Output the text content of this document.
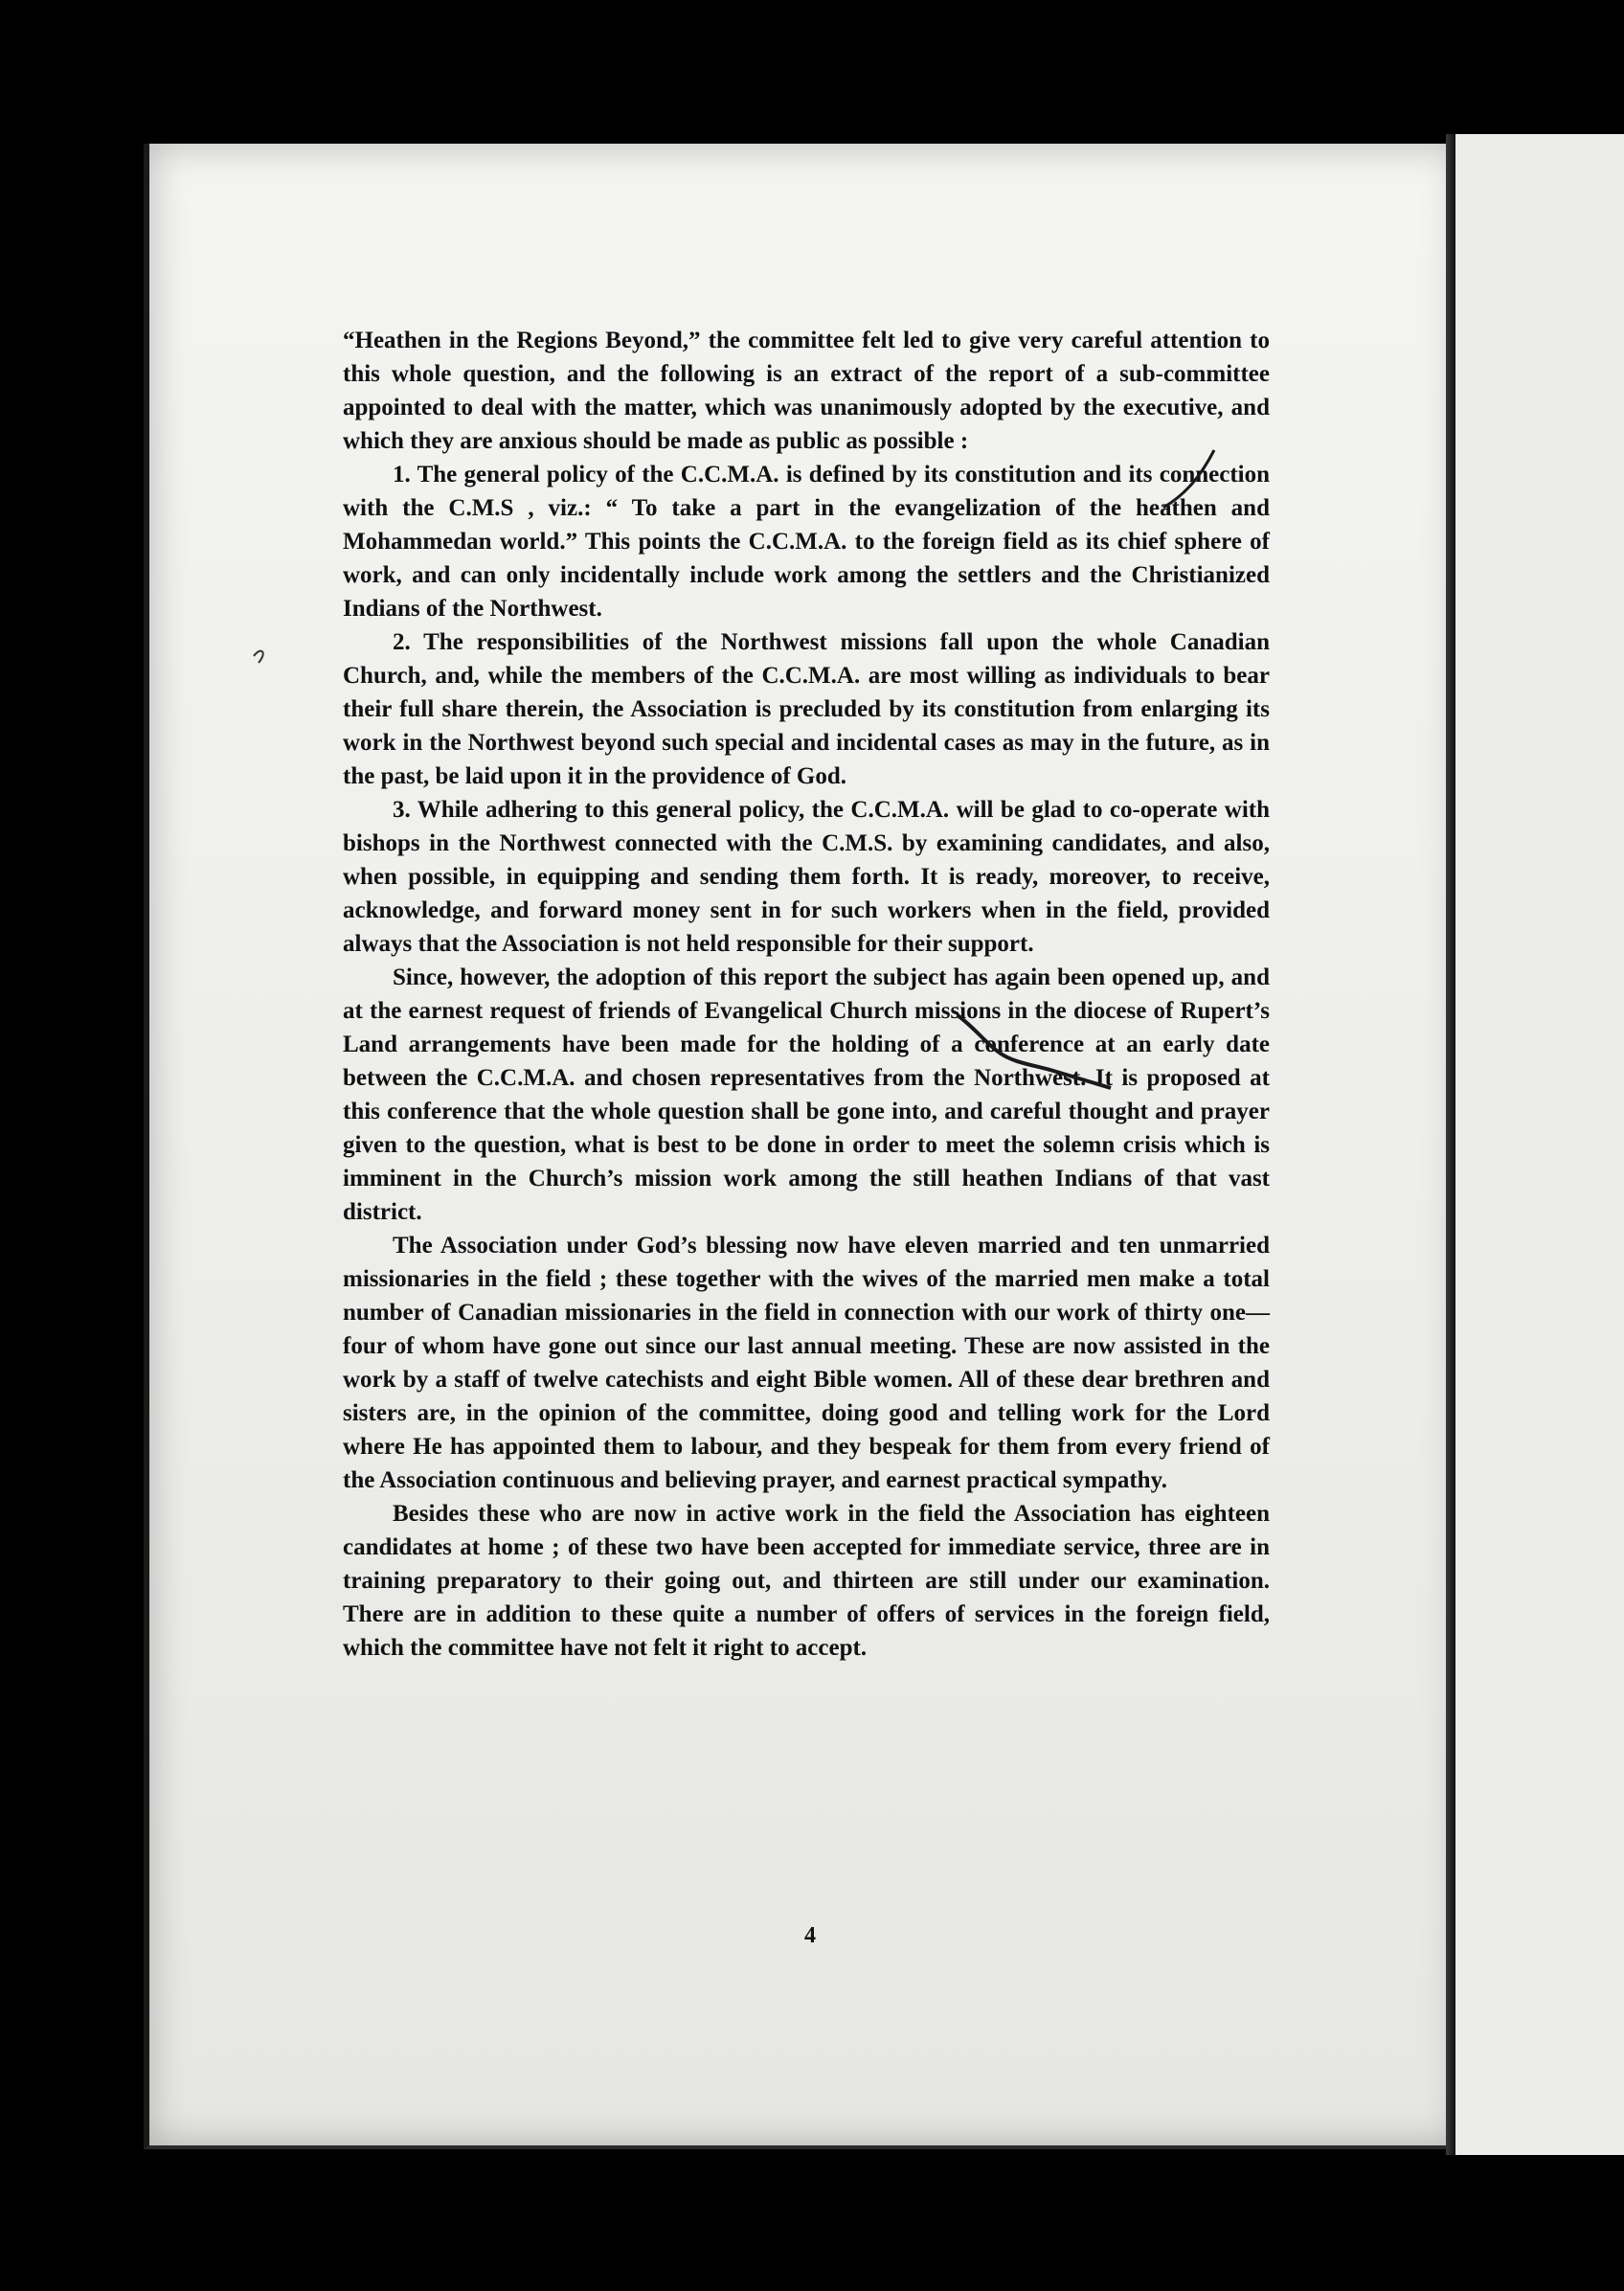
“Heathen in the Regions Beyond,” the committee felt led to give very careful attention to this whole question, and the following is an extract of the report of a sub-committee appointed to deal with the matter, which was unanimously adopted by the executive, and which they are anxious should be made as public as possible :

1. The general policy of the C.C.M.A. is defined by its constitution and its connection with the C.M.S , viz.: “ To take a part in the evangelization of the heathen and Mohammedan world.” This points the C.C.M.A. to the foreign field as its chief sphere of work, and can only incidentally include work among the settlers and the Christianized Indians of the Northwest.

2. The responsibilities of the Northwest missions fall upon the whole Canadian Church, and, while the members of the C.C.M.A. are most willing as individuals to bear their full share therein, the Association is precluded by its constitution from enlarging its work in the Northwest beyond such special and incidental cases as may in the future, as in the past, be laid upon it in the providence of God.

3. While adhering to this general policy, the C.C.M.A. will be glad to co-operate with bishops in the Northwest connected with the C.M.S. by examining candidates, and also, when possible, in equipping and sending them forth. It is ready, moreover, to receive, acknowledge, and forward money sent in for such workers when in the field, provided always that the Association is not held responsible for their support.

Since, however, the adoption of this report the subject has again been opened up, and at the earnest request of friends of Evangelical Church missions in the diocese of Rupert’s Land arrangements have been made for the holding of a conference at an early date between the C.C.M.A. and chosen representatives from the Northwest. It is proposed at this conference that the whole question shall be gone into, and careful thought and prayer given to the question, what is best to be done in order to meet the solemn crisis which is imminent in the Church’s mission work among the still heathen Indians of that vast district.

The Association under God’s blessing now have eleven married and ten unmarried missionaries in the field ; these together with the wives of the married men make a total number of Canadian missionaries in the field in connection with our work of thirty one—four of whom have gone out since our last annual meeting. These are now assisted in the work by a staff of twelve catechists and eight Bible women. All of these dear brethren and sisters are, in the opinion of the committee, doing good and telling work for the Lord where He has appointed them to labour, and they bespeak for them from every friend of the Association continuous and believing prayer, and earnest practical sympathy.

Besides these who are now in active work in the field the Association has eighteen candidates at home ; of these two have been accepted for immediate service, three are in training preparatory to their going out, and thirteen are still under our examination. There are in addition to these quite a number of offers of services in the foreign field, which the committee have not felt it right to accept.

4
